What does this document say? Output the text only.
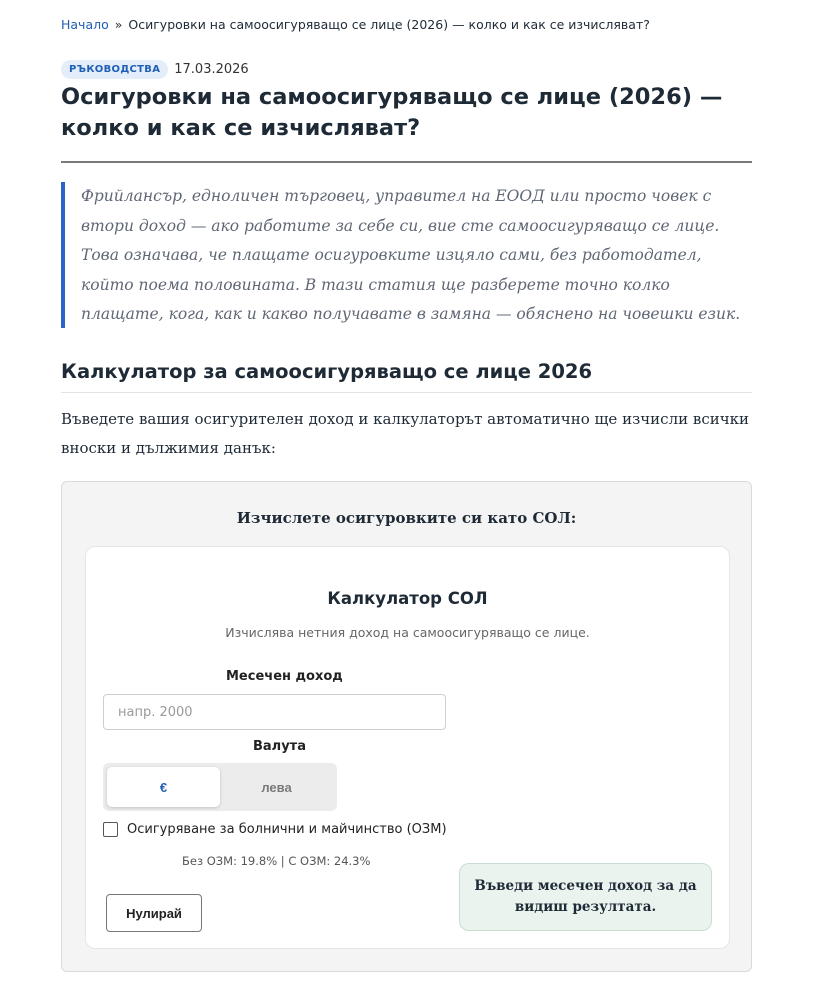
Начало » Осигуровки на самоосигуряващо се лице (2026) — колко и как се изчисляват?
РЪКОВОДСТВА	17.03.2026
Осигуровки на самоосигуряващо се лице (2026) — колко и как се изчисляват?
Фрийлансър, едноличен търговец, управител на ЕООД или просто човек с втори доход — ако работите за себе си, вие сте самоосигуряващо се лице. Това означава, че плащате осигуровките изцяло сами, без работодател, който поема половината. В тази статия ще разберете точно колко плащате, кога, как и какво получавате в замяна — обяснено на човешки език.
Калкулатор за самоосигуряващо се лице 2026

Въведете вашия осигурителен доход и калкулаторът автоматично ще изчисли всички вноски и дължимия данък:

Изчислете осигуровките си като СОЛ:
Калкулатор СОЛ
Изчислява нетния доход на самоосигуряващо се лице.
Месечен доход
напр. 2000
Валута
€	лева
Осигуряване за болнични и майчинство (ОЗМ)
Без ОЗМ: 19.8% | С ОЗМ: 24.3%
Нулирай
Въведи месечен доход за да видиш резултата.
